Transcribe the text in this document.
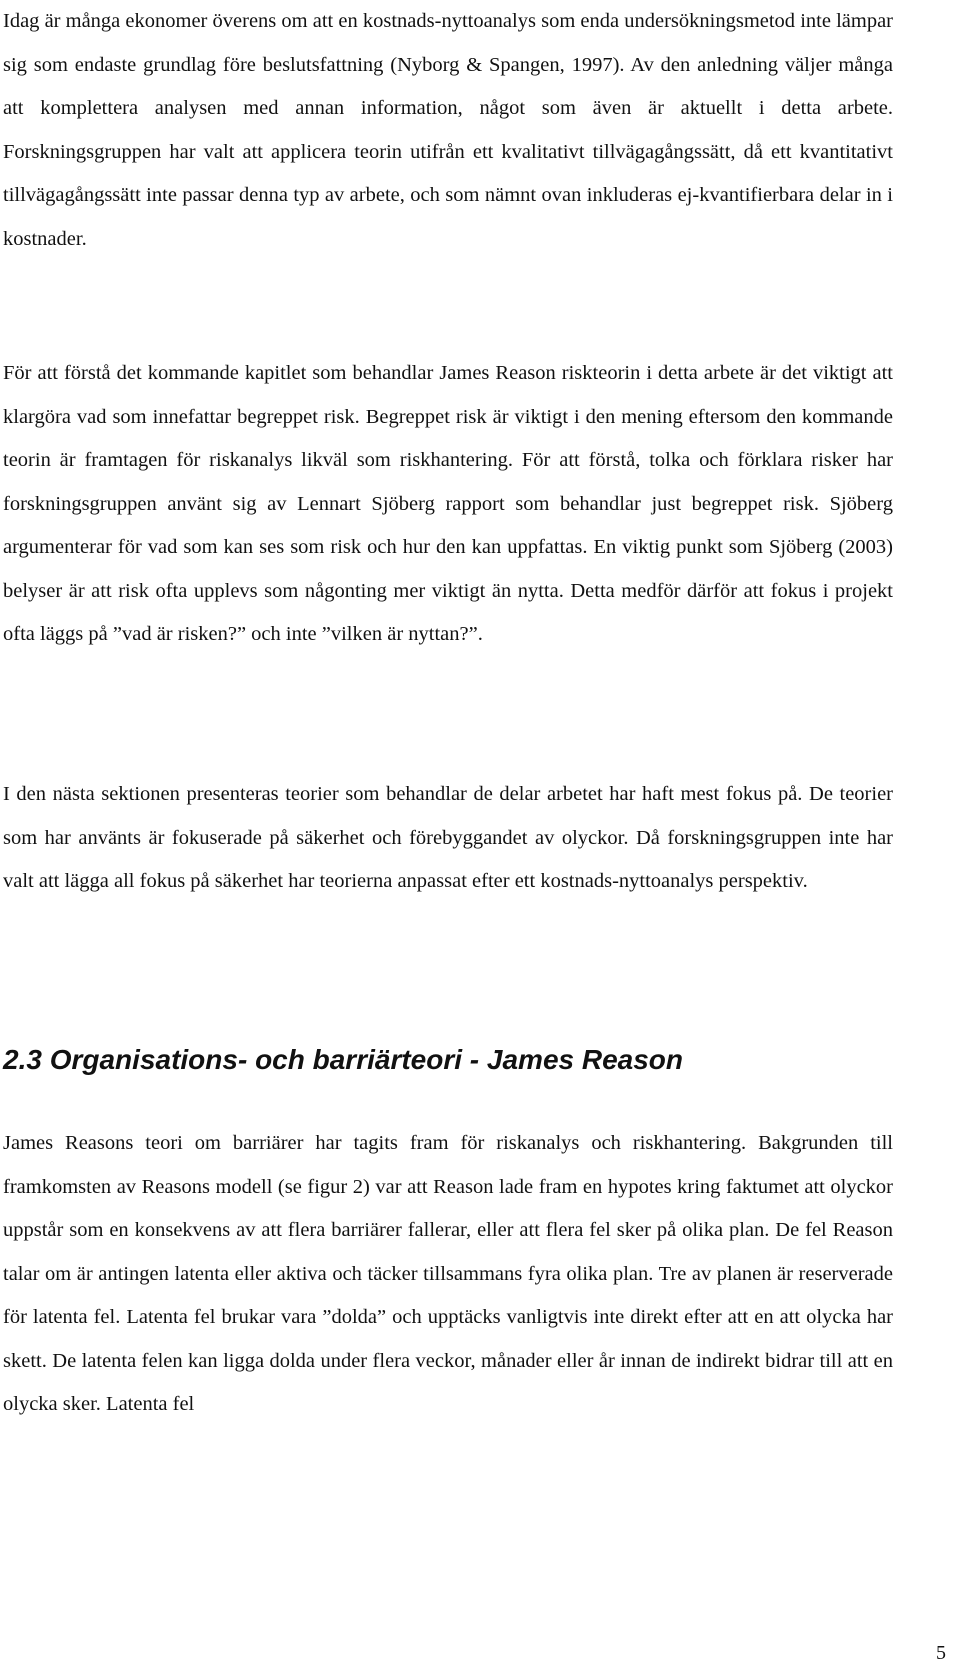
Idag är många ekonomer överens om att en kostnads-nyttoanalys som enda undersökningsmetod inte lämpar sig som endaste grundlag före beslutsfattning (Nyborg & Spangen, 1997). Av den anledning väljer många att komplettera analysen med annan information, något som även är aktuellt i detta arbete. Forskningsgruppen har valt att applicera teorin utifrån ett kvalitativt tillvägagångssätt, då ett kvantitativt tillvägagångssätt inte passar denna typ av arbete, och som nämnt ovan inkluderas ej-kvantifierbara delar in i kostnader.

För att förstå det kommande kapitlet som behandlar James Reason riskteorin i detta arbete är det viktigt att klargöra vad som innefattar begreppet risk. Begreppet risk är viktigt i den mening eftersom den kommande teorin är framtagen för riskanalys likväl som riskhantering. För att förstå, tolka och förklara risker har forskningsgruppen använt sig av Lennart Sjöberg rapport som behandlar just begreppet risk. Sjöberg argumenterar för vad som kan ses som risk och hur den kan uppfattas. En viktig punkt som Sjöberg (2003) belyser är att risk ofta upplevs som någonting mer viktigt än nytta. Detta medför därför att fokus i projekt ofta läggs på ”vad är risken?” och inte ”vilken är nyttan?”.

I den nästa sektionen presenteras teorier som behandlar de delar arbetet har haft mest fokus på. De teorier som har använts är fokuserade på säkerhet och förebyggandet av olyckor. Då forskningsgruppen inte har valt att lägga all fokus på säkerhet har teorierna anpassat efter ett kostnads-nyttoanalys perspektiv.

2.3 Organisations- och barriärteori - James Reason

James Reasons teori om barriärer har tagits fram för riskanalys och riskhantering. Bakgrunden till framkomsten av Reasons modell (se figur 2) var att Reason lade fram en hypotes kring faktumet att olyckor uppstår som en konsekvens av att flera barriärer fallerar, eller att flera fel sker på olika plan. De fel Reason talar om är antingen latenta eller aktiva och täcker tillsammans fyra olika plan. Tre av planen är reserverade för latenta fel. Latenta fel brukar vara ”dolda” och upptäcks vanligtvis inte direkt efter att en att olycka har skett. De latenta felen kan ligga dolda under flera veckor, månader eller år innan de indirekt bidrar till att en olycka sker. Latenta fel

5
